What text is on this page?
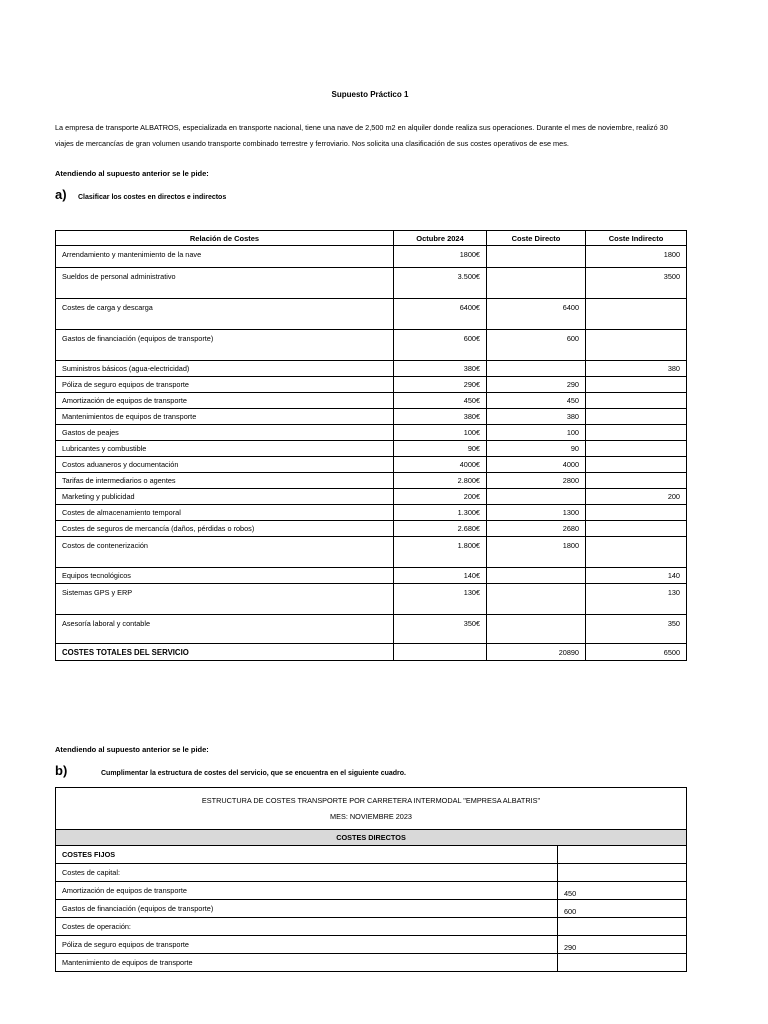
Supuesto Práctico 1
La empresa de transporte ALBATROS, especializada en transporte nacional, tiene una nave de 2,500 m2 en alquiler donde realiza sus operaciones. Durante el mes de noviembre, realizó 30
viajes de mercancías de gran volumen usando transporte combinado terrestre y ferroviario. Nos solicita una clasificación de sus costes operativos de ese mes.
Atendiendo al supuesto anterior se le pide:
a) Clasificar los costes en directos e indirectos
Relación de Costes	Octubre 2024	Coste Directo	Coste Indirecto
Arrendamiento y mantenimiento de la nave	1800€		1800
Sueldos de personal administrativo	3.500€		3500
Costes de carga y descarga	6400€	6400	
Gastos de financiación (equipos de transporte)	600€	600	
Suministros básicos (agua-electricidad)	380€		380
Póliza de seguro equipos de transporte	290€	290	
Amortización de equipos de transporte	450€	450	
Mantenimientos de equipos de transporte	380€	380	
Gastos de peajes	100€	100	
Lubricantes y combustible	90€	90	
Costos aduaneros y documentación	4000€	4000	
Tarifas de intermediarios o agentes	2.800€	2800	
Marketing y publicidad	200€		200
Costes de almacenamiento temporal	1.300€	1300	
Costes de seguros de mercancía (daños, pérdidas o robos)	2.680€	2680	
Costos de contenerización	1.800€	1800	
Equipos tecnológicos	140€		140
Sistemas GPS y ERP	130€		130
Asesoría laboral y contable	350€		350
COSTES TOTALES DEL SERVICIO		20890	6500
Atendiendo al supuesto anterior se le pide:
b)	Cumplimentar la estructura de costes del servicio, que se encuentra en el siguiente cuadro.
ESTRUCTURA DE COSTES TRANSPORTE POR CARRETERA INTERMODAL "EMPRESA ALBATRIS"
MES: NOVIEMBRE 2023	

COSTES DIRECTOS	
COSTES FIJOS	
Costes de capital:	
Amortización de equipos de transporte	450
Gastos de financiación (equipos de transporte)	600
Costes de operación:	
Póliza de seguro equipos de transporte	290
Mantenimiento de equipos de transporte	
